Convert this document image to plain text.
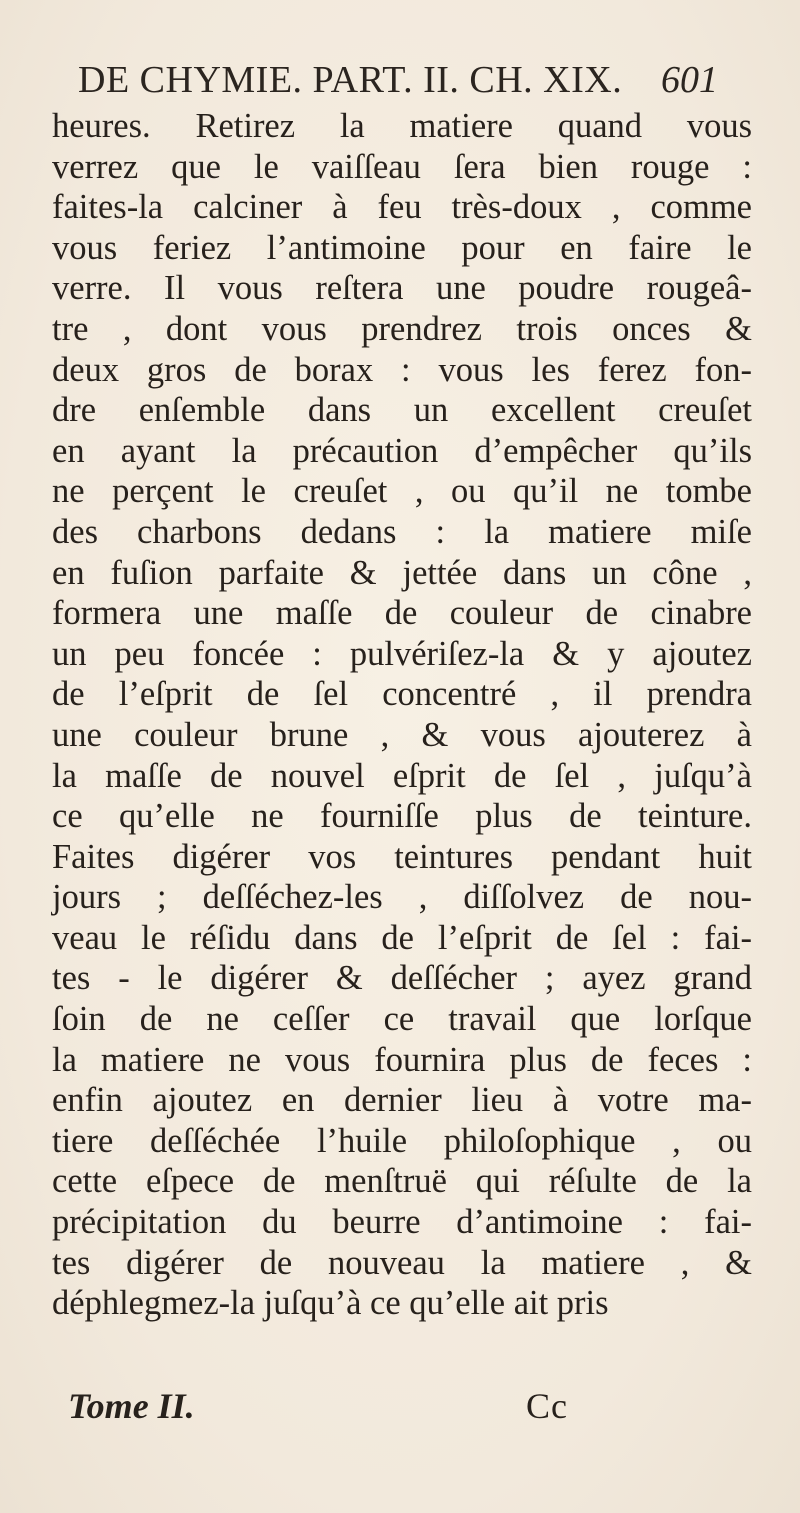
DE CHYMIE. PART. II. CH. XIX. 601
heures. Retirez la matiere quand vous
verrez que le vaiſſeau ſera bien rouge :
faites-la calciner à feu très-doux , comme
vous feriez l’antimoine pour en faire le
verre. Il vous reſtera une poudre rougeâ-
tre , dont vous prendrez trois onces &
deux gros de borax : vous les ferez fon-
dre enſemble dans un excellent creuſet
en ayant la précaution d’empêcher qu’ils
ne perçent le creuſet , ou qu’il ne tombe
des charbons dedans : la matiere miſe
en fuſion parfaite & jettée dans un cône ,
formera une maſſe de couleur de cinabre
un peu foncée : pulvériſez-la & y ajoutez
de l’eſprit de ſel concentré , il prendra
une couleur brune , & vous ajouterez à
la maſſe de nouvel eſprit de ſel , juſqu’à
ce qu’elle ne fourniſſe plus de teinture.
Faites digérer vos teintures pendant huit
jours ; deſſéchez-les , diſſolvez de nou-
veau le réſidu dans de l’eſprit de ſel : fai-
tes - le digérer & deſſécher ; ayez grand
ſoin de ne ceſſer ce travail que lorſque
la matiere ne vous fournira plus de feces :
enfin ajoutez en dernier lieu à votre ma-
tiere deſſéchée l’huile philoſophique , ou
cette eſpece de menſtruë qui réſulte de la
précipitation du beurre d’antimoine : fai-
tes digérer de nouveau la matiere , &
déphlegmez-la juſqu’à ce qu’elle ait pris
Tome II.	Cc
